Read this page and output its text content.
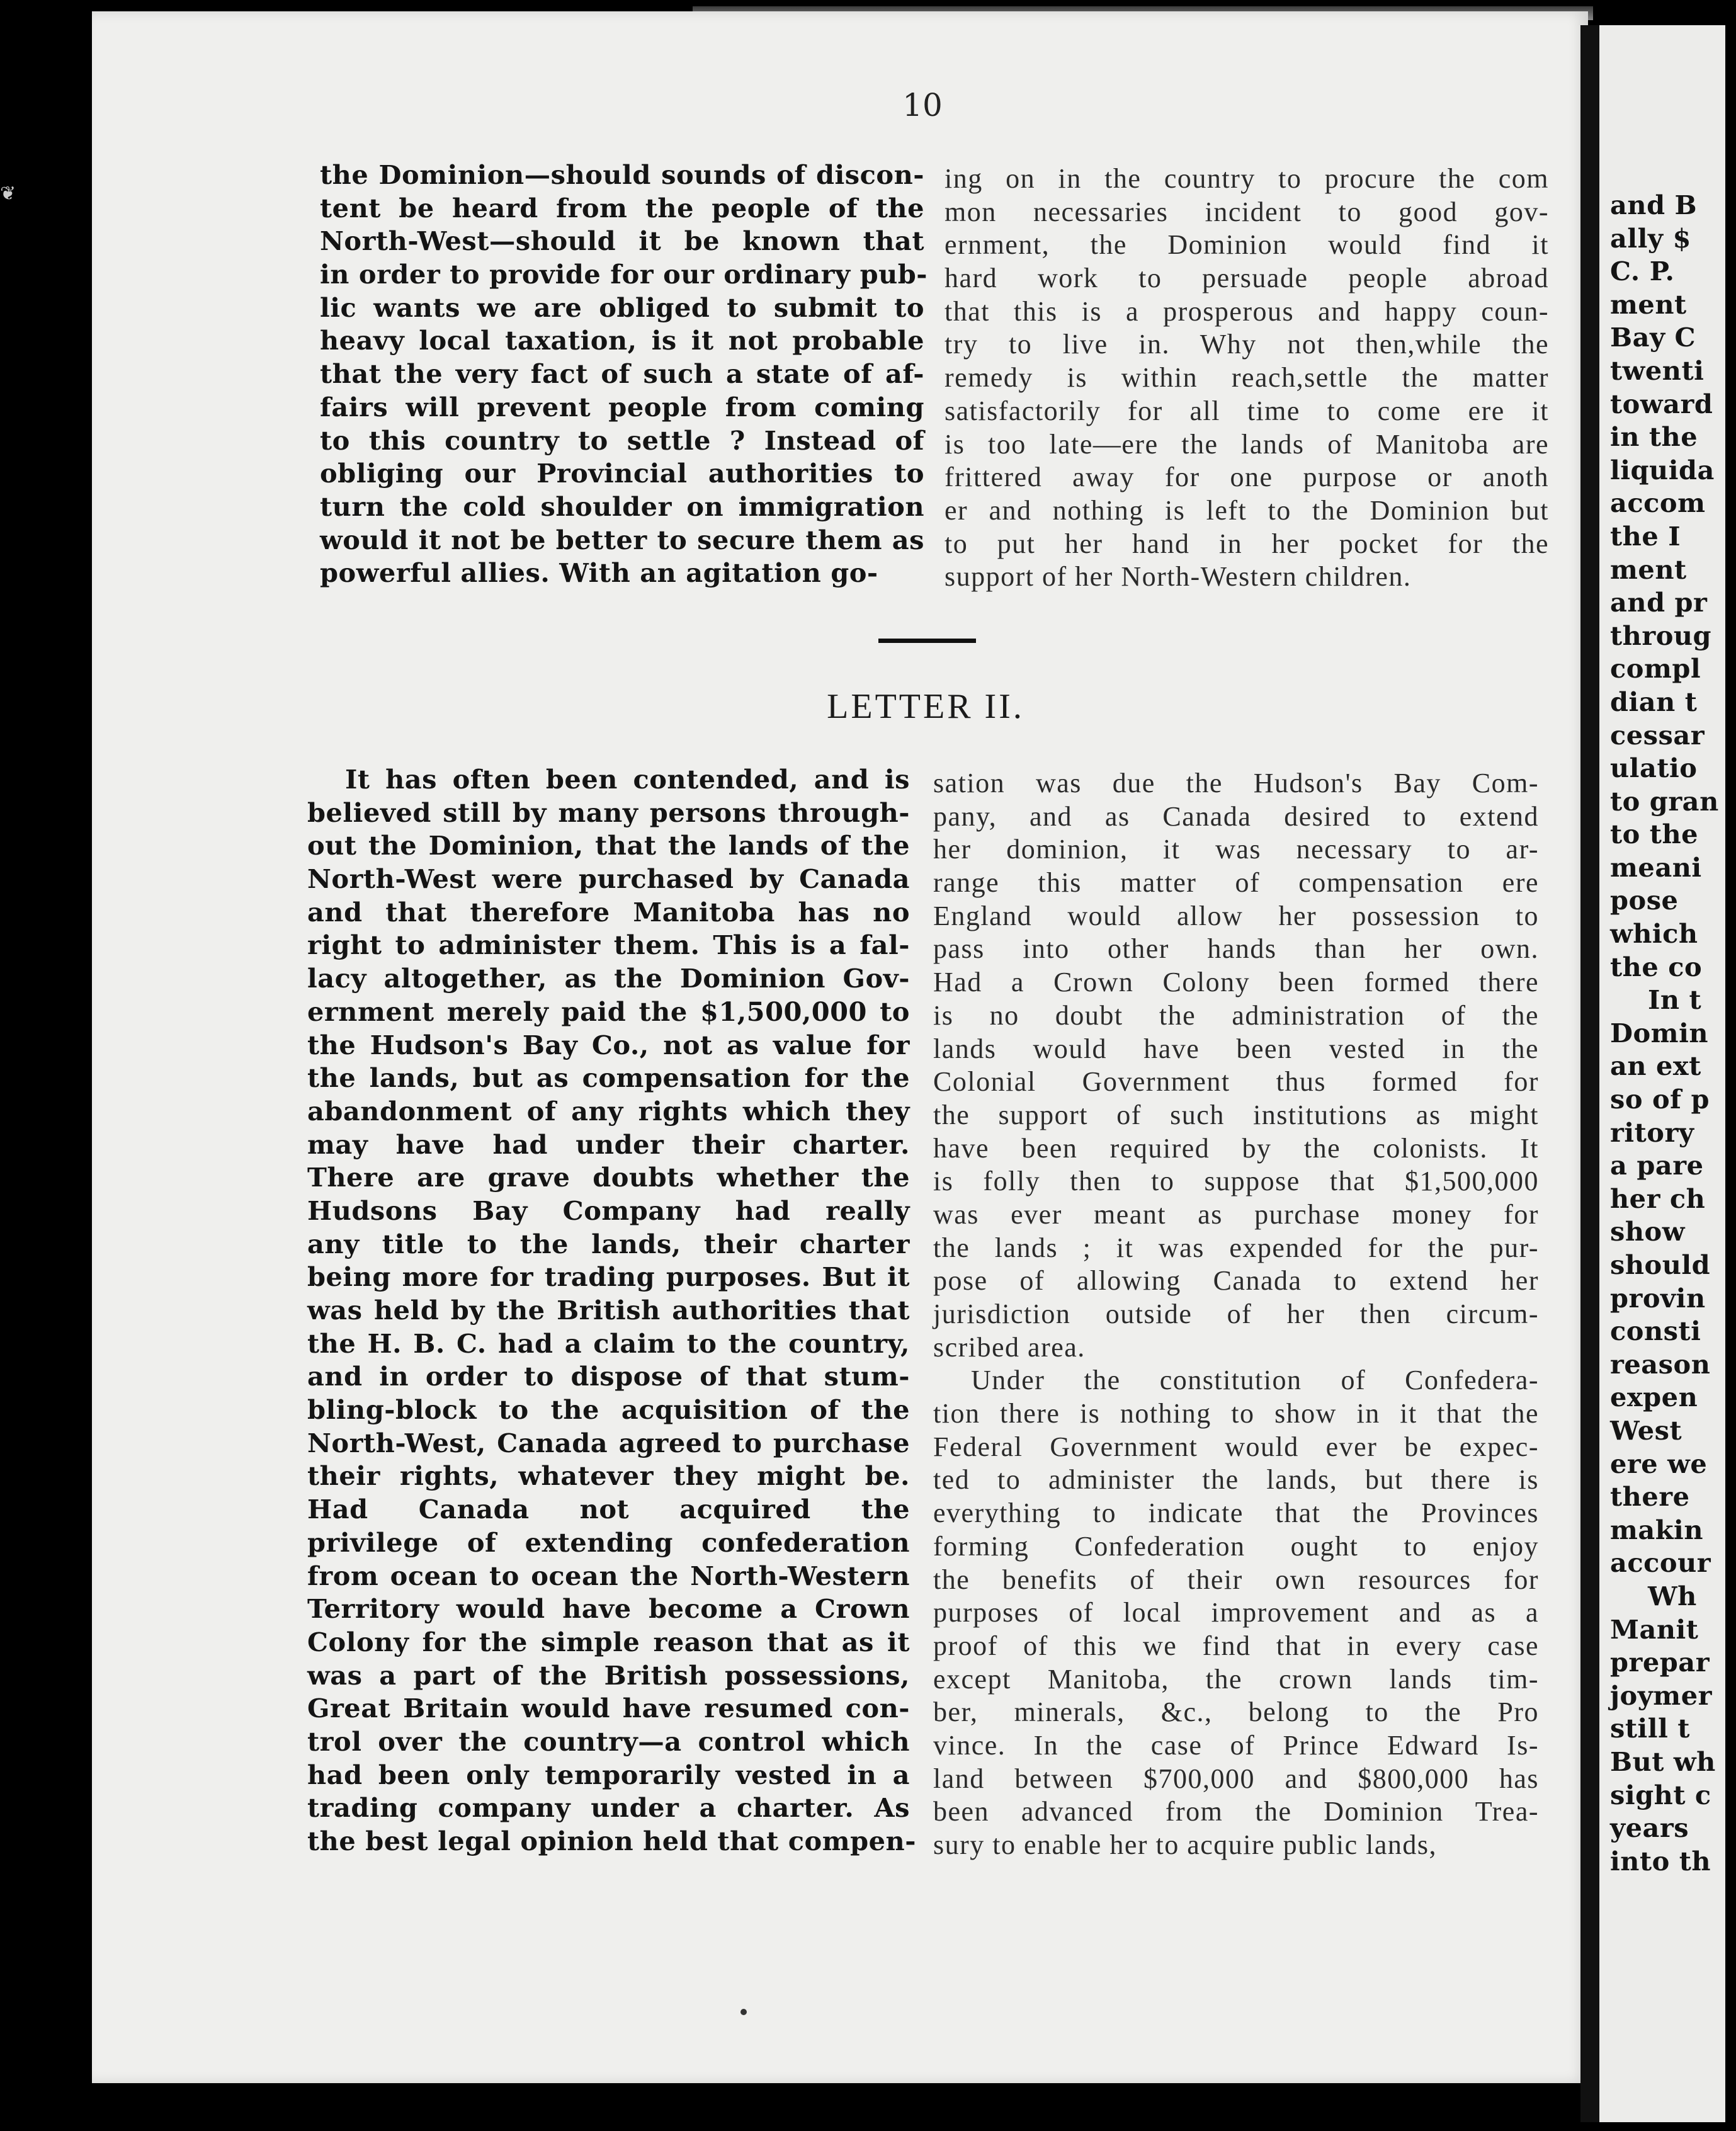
❦
10
the Dominion—should sounds of discon-
tent be heard from the people of the
North-West—should it be known that
in order to provide for our ordinary pub-
lic wants we are obliged to submit to
heavy local taxation, is it not probable
that the very fact of such a state of af-
fairs will prevent people from coming
to this country to settle ? Instead of
obliging our Provincial authorities to
turn the cold shoulder on immigration
would it not be better to secure them as
powerful allies. With an agitation go-
ing on in the country to procure the com
mon necessaries incident to good gov-
ernment, the Dominion would find it
hard work to persuade people abroad
that this is a prosperous and happy coun-
try to live in. Why not then,while the
remedy is within reach,settle the matter
satisfactorily for all time to come ere it
is too late—ere the lands of Manitoba are
frittered away for one purpose or anoth
er and nothing is left to the Dominion but
to put her hand in her pocket for the
support of her North-Western children.
LETTER II.
It has often been contended, and is
believed still by many persons through-
out the Dominion, that the lands of the
North-West were purchased by Canada
and that therefore Manitoba has no
right to administer them. This is a fal-
lacy altogether, as the Dominion Gov-
ernment merely paid the $1,500,000 to
the Hudson's Bay Co., not as value for
the lands, but as compensation for the
abandonment of any rights which they
may have had under their charter.
There are grave doubts whether the
Hudsons Bay Company had really
any title to the lands, their charter
being more for trading purposes. But it
was held by the British authorities that
the H. B. C. had a claim to the country,
and in order to dispose of that stum-
bling-block to the acquisition of the
North-West, Canada agreed to purchase
their rights, whatever they might be.
Had Canada not acquired the
privilege of extending confederation
from ocean to ocean the North-Western
Territory would have become a Crown
Colony for the simple reason that as it
was a part of the British possessions,
Great Britain would have resumed con-
trol over the country—a control which
had been only temporarily vested in a
trading company under a charter. As
the best legal opinion held that compen-
sation was due the Hudson's Bay Com-
pany, and as Canada desired to extend
her dominion, it was necessary to ar-
range this matter of compensation ere
England would allow her possession to
pass into other hands than her own.
Had a Crown Colony been formed there
is no doubt the administration of the
lands would have been vested in the
Colonial Government thus formed for
the support of such institutions as might
have been required by the colonists. It
is folly then to suppose that $1,500,000
was ever meant as purchase money for
the lands ; it was expended for the pur-
pose of allowing Canada to extend her
jurisdiction outside of her then circum-
scribed area.
Under the constitution of Confedera-
tion there is nothing to show in it that the
Federal Government would ever be expec-
ted to administer the lands, but there is
everything to indicate that the Provinces
forming Confederation ought to enjoy
the benefits of their own resources for
purposes of local improvement and as a
proof of this we find that in every case
except Manitoba, the crown lands tim-
ber, minerals, &c., belong to the Pro
vince. In the case of Prince Edward Is-
land between $700,000 and $800,000 has
been advanced from the Dominion Trea-
sury to enable her to acquire public lands,
and B
ally $
C. P.
ment
Bay C
twenti
toward
in the
liquida
accom
the I
ment
and pr
throug
compl
dian t
cessar
ulatio
to gran
to the
meani
pose
which
the co
In t
Domin
an ext
so of p
ritory
a pare
her ch
show
should
provin
consti
reason
expen
West
ere we
there
makin
accour
Wh
Manit
prepar
joymer
still t
But wh
sight c
years
into th
